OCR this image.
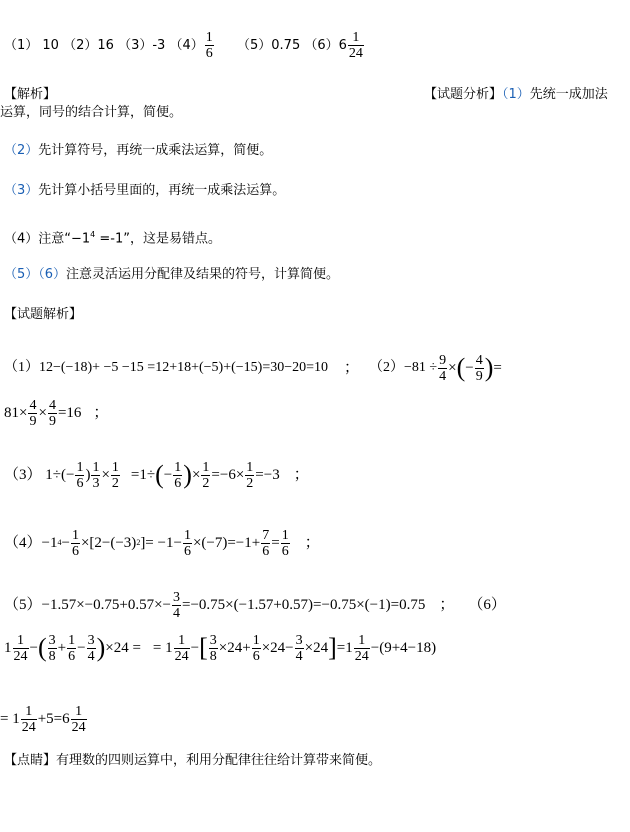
（1） 10 （2）16 （3）-3 $(4) \frac{1}{6} (5)0.75$ $(6)6 \frac{1}{24}$
【解析】	【试题分析】（1）先统一成加法
运算，同号的结合计算，简便。
（2）先计算符号，再统一成乘法运算，简便。
（3）先计算小括号里面的，再统一成乘法运算。
（4）注意“$-1^4 =-1$”，这是易错点。
（5）（6）注意灵活运用分配律及结果的符号，计算简便。
【试题解析】
（1）12−(−18)+ −5 −15 =12+18+(−5)+(−15)=30−20=10 ； $(2)-81 \div \frac{9}{4}$ × ( − $\frac{4}{9}$ ) =
$81\times \frac{4}{9} \times \frac{4}{9} =16$ ；
（3） $1\div( - \frac{1}{6}$ ) $\frac{1}{3} \times \frac{1}{2} =1\div$ ( − $\frac{1}{6}$ ) × $\frac{1}{2} =-6\times \frac{1}{2} =-3$ ；
（4）−1 $4 - \frac{1}{6} \times[2-(-3)$ 2 ]= $-1- \frac{1}{6} \times(-7)=-1+ \frac{7}{6} = \frac{1}{6}$ ；
$(5)-1.57\times-0.75+0.57\times- \frac{3}{4} =-0.75\times(-1.57+0.57)=-0.75\times(-1)=0.75$ ； （6）
$1 \frac{1}{24}$ − ( $\frac{3}{8} + \frac{1}{6} - \frac{3}{4}$ ) ×24 = = $1 \frac{1}{24}$ − [ $\frac{3}{8} \times 24+ \frac{1}{6} \times 24- \frac{3}{4} \times 24$ ] $=1 \frac{1}{24} -(9+4-18)$
= $1 \frac{1}{24} +5=6 \frac{1}{24}$
【点睛】有理数的四则运算中，利用分配律往往给计算带来简便。
